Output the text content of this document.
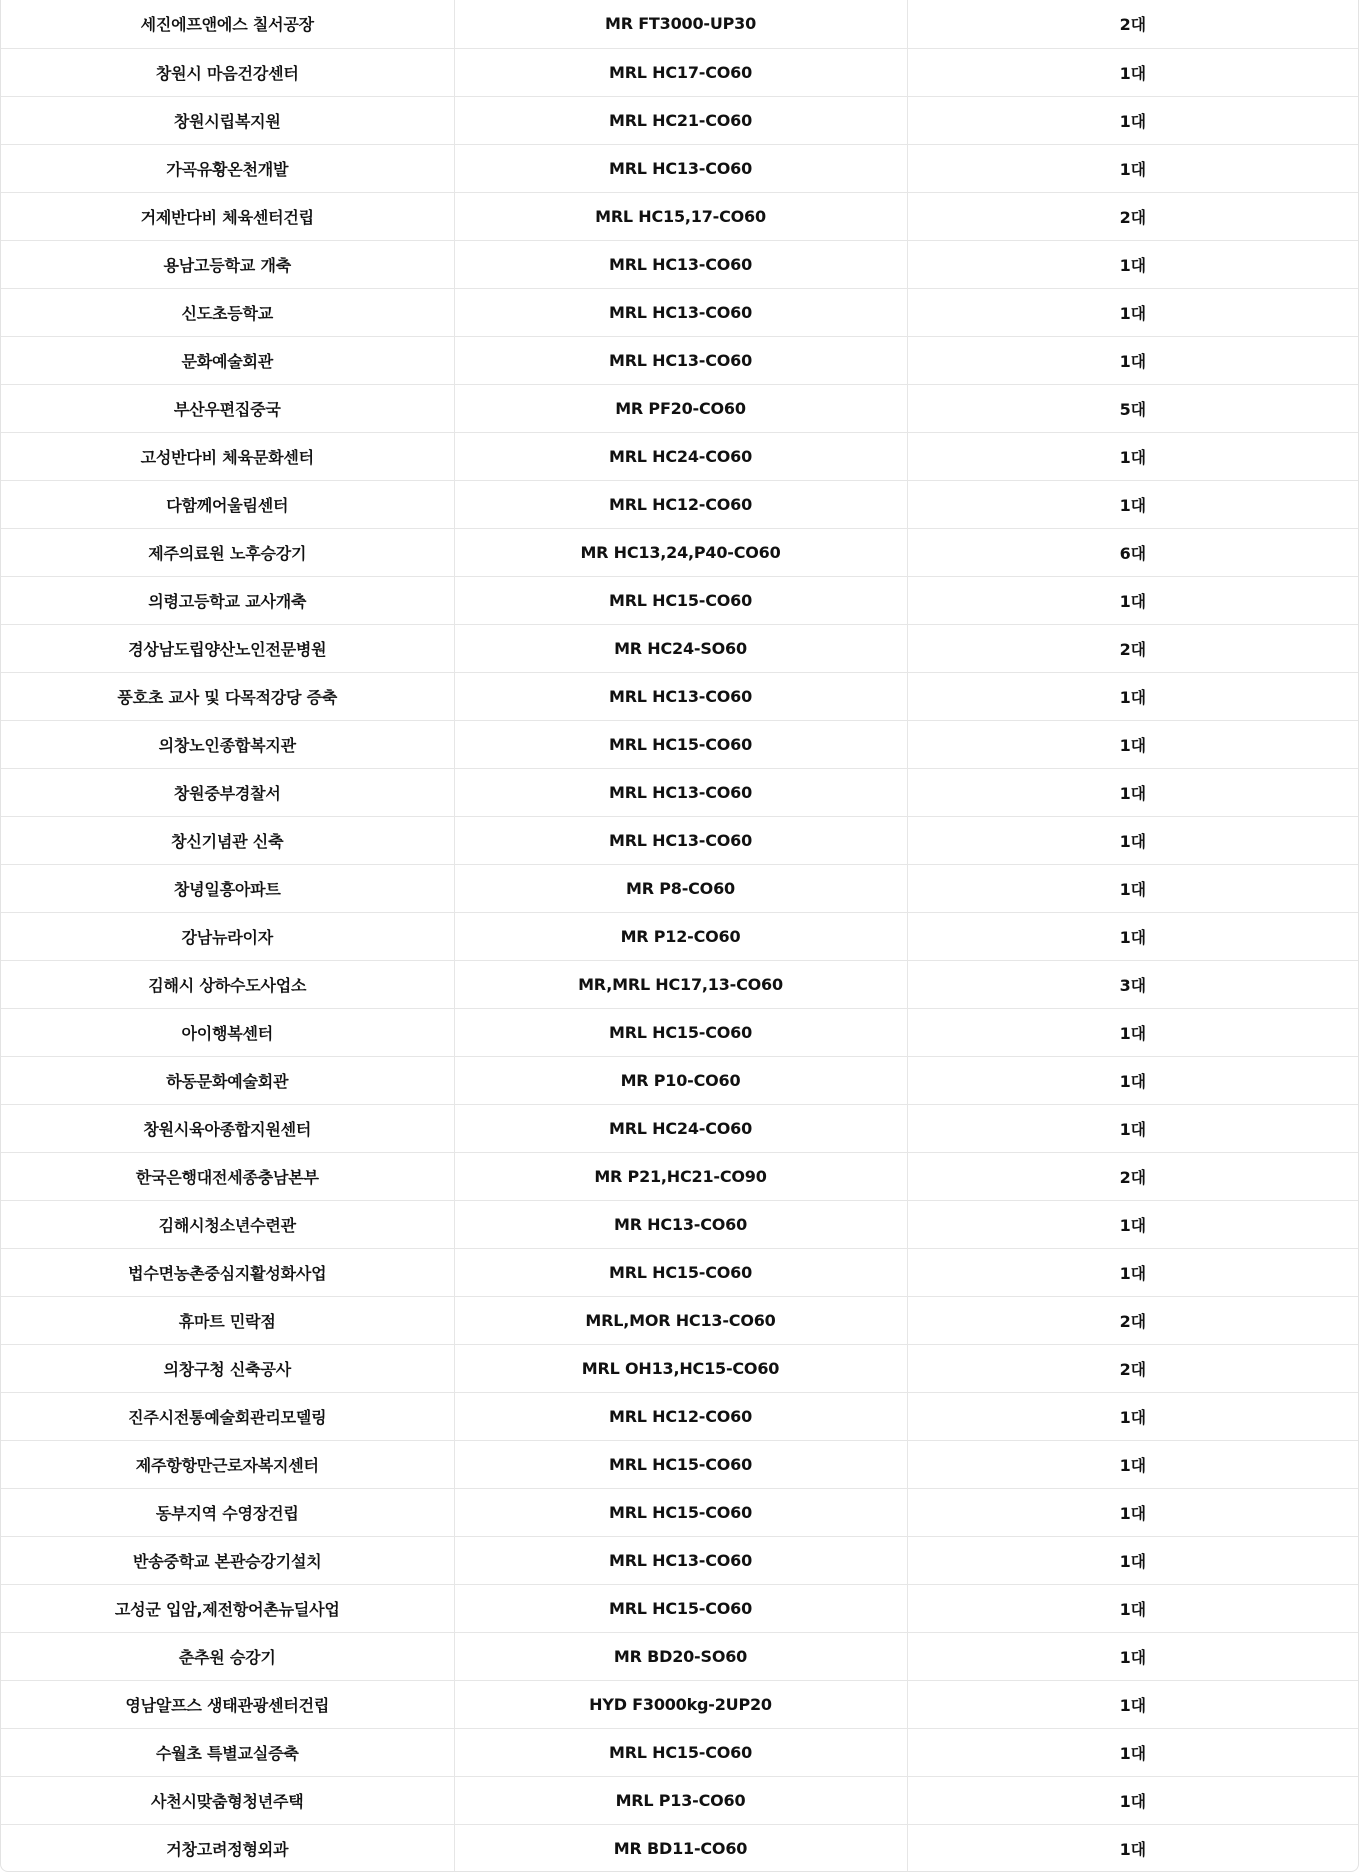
세진에프앤에스 칠서공장	MR FT3000-UP30	2대
창원시 마음건강센터	MRL HC17-CO60	1대
창원시립복지원	MRL HC21-CO60	1대
가곡유황온천개발	MRL HC13-CO60	1대
거제반다비 체육센터건립	MRL HC15,17-CO60	2대
용남고등학교 개축	MRL HC13-CO60	1대
신도초등학교	MRL HC13-CO60	1대
문화예술회관	MRL HC13-CO60	1대
부산우편집중국	MR PF20-CO60	5대
고성반다비 체육문화센터	MRL HC24-CO60	1대
다함께어울림센터	MRL HC12-CO60	1대
제주의료원 노후승강기	MR HC13,24,P40-CO60	6대
의령고등학교 교사개축	MRL HC15-CO60	1대
경상남도립양산노인전문병원	MR HC24-SO60	2대
풍호초 교사 및 다목적강당 증축	MRL HC13-CO60	1대
의창노인종합복지관	MRL HC15-CO60	1대
창원중부경찰서	MRL HC13-CO60	1대
창신기념관 신축	MRL HC13-CO60	1대
창녕일흥아파트	MR P8-CO60	1대
강남뉴라이자	MR P12-CO60	1대
김해시 상하수도사업소	MR,MRL HC17,13-CO60	3대
아이행복센터	MRL HC15-CO60	1대
하동문화예술회관	MR P10-CO60	1대
창원시육아종합지원센터	MRL HC24-CO60	1대
한국은행대전세종충남본부	MR P21,HC21-CO90	2대
김해시청소년수련관	MR HC13-CO60	1대
법수면농촌중심지활성화사업	MRL HC15-CO60	1대
휴마트 민락점	MRL,MOR HC13-CO60	2대
의창구청 신축공사	MRL OH13,HC15-CO60	2대
진주시전통예술회관리모델링	MRL HC12-CO60	1대
제주항항만근로자복지센터	MRL HC15-CO60	1대
동부지역 수영장건립	MRL HC15-CO60	1대
반송중학교 본관승강기설치	MRL HC13-CO60	1대
고성군 입암,제전항어촌뉴딜사업	MRL HC15-CO60	1대
춘추원 승강기	MR BD20-SO60	1대
영남알프스 생태관광센터건립	HYD F3000kg-2UP20	1대
수월초 특별교실증축	MRL HC15-CO60	1대
사천시맞춤형청년주택	MRL P13-CO60	1대
거창고려정형외과	MR BD11-CO60	1대
